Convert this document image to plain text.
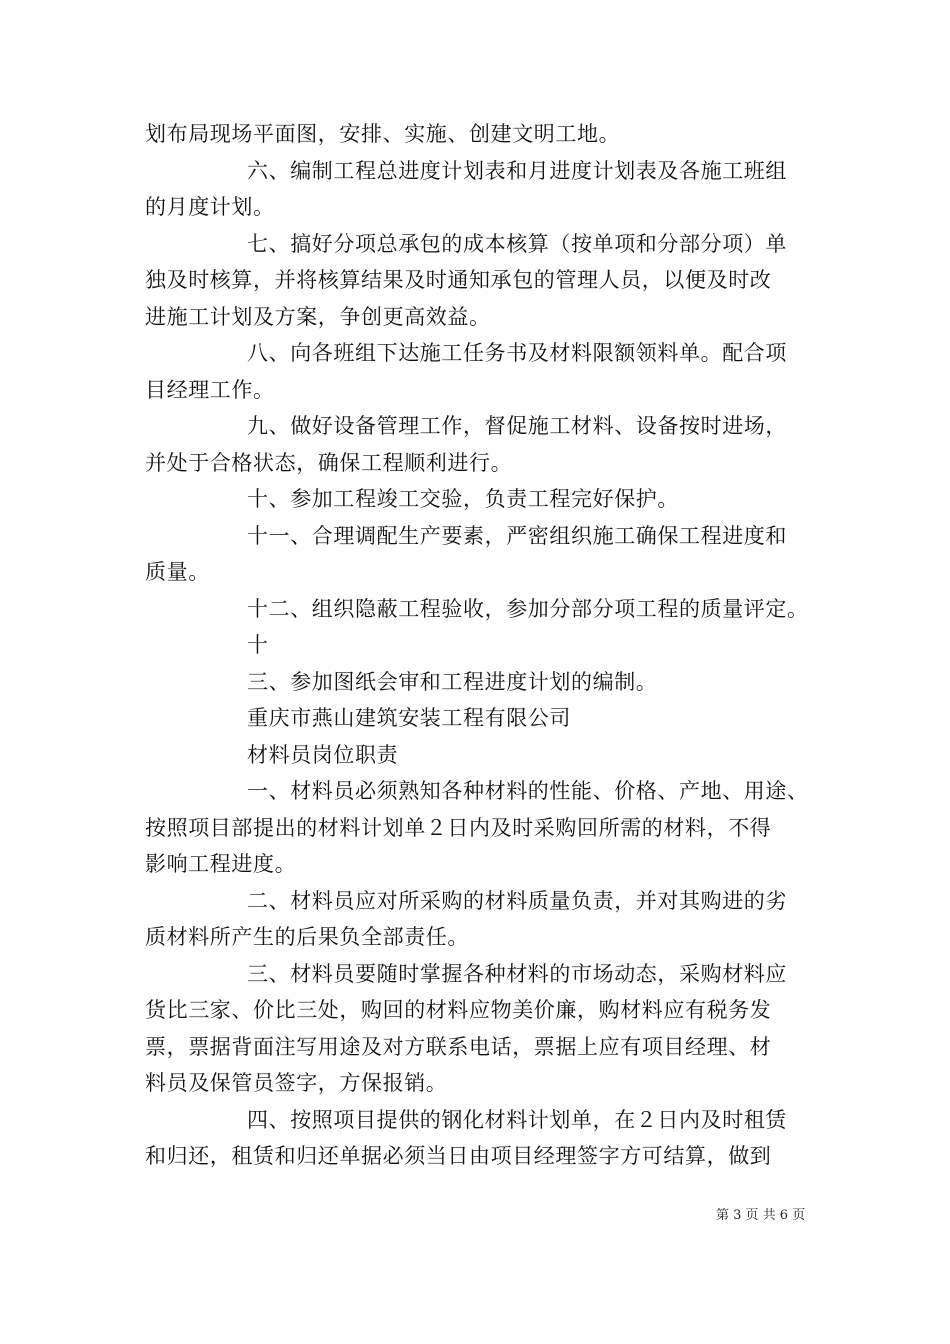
划布局现场平面图，安排、实施、创建文明工地。
六、编制工程总进度计划表和月进度计划表及各施工班组
的月度计划。
七、搞好分项总承包的成本核算（按单项和分部分项）单
独及时核算，并将核算结果及时通知承包的管理人员，以便及时改
进施工计划及方案，争创更高效益。
八、向各班组下达施工任务书及材料限额领料单。配合项
目经理工作。
九、做好设备管理工作，督促施工材料、设备按时进场，
并处于合格状态，确保工程顺利进行。
十、参加工程竣工交验，负责工程完好保护。
十一、合理调配生产要素，严密组织施工确保工程进度和
质量。
十二、组织隐蔽工程验收，参加分部分项工程的质量评定。
十
三、参加图纸会审和工程进度计划的编制。
重庆市燕山建筑安装工程有限公司
材料员岗位职责
一、材料员必须熟知各种材料的性能、价格、产地、用途、
按照项目部提出的材料计划单２日内及时采购回所需的材料，不得
影响工程进度。
二、材料员应对所采购的材料质量负责，并对其购进的劣
质材料所产生的后果负全部责任。
三、材料员要随时掌握各种材料的市场动态，采购材料应
货比三家、价比三处，购回的材料应物美价廉，购材料应有税务发
票，票据背面注写用途及对方联系电话，票据上应有项目经理、材
料员及保管员签字，方保报销。
四、按照项目提供的钢化材料计划单，在２日内及时租赁
和归还，租赁和归还单据必须当日由项目经理签字方可结算，做到
第 3 页 共 6 页
